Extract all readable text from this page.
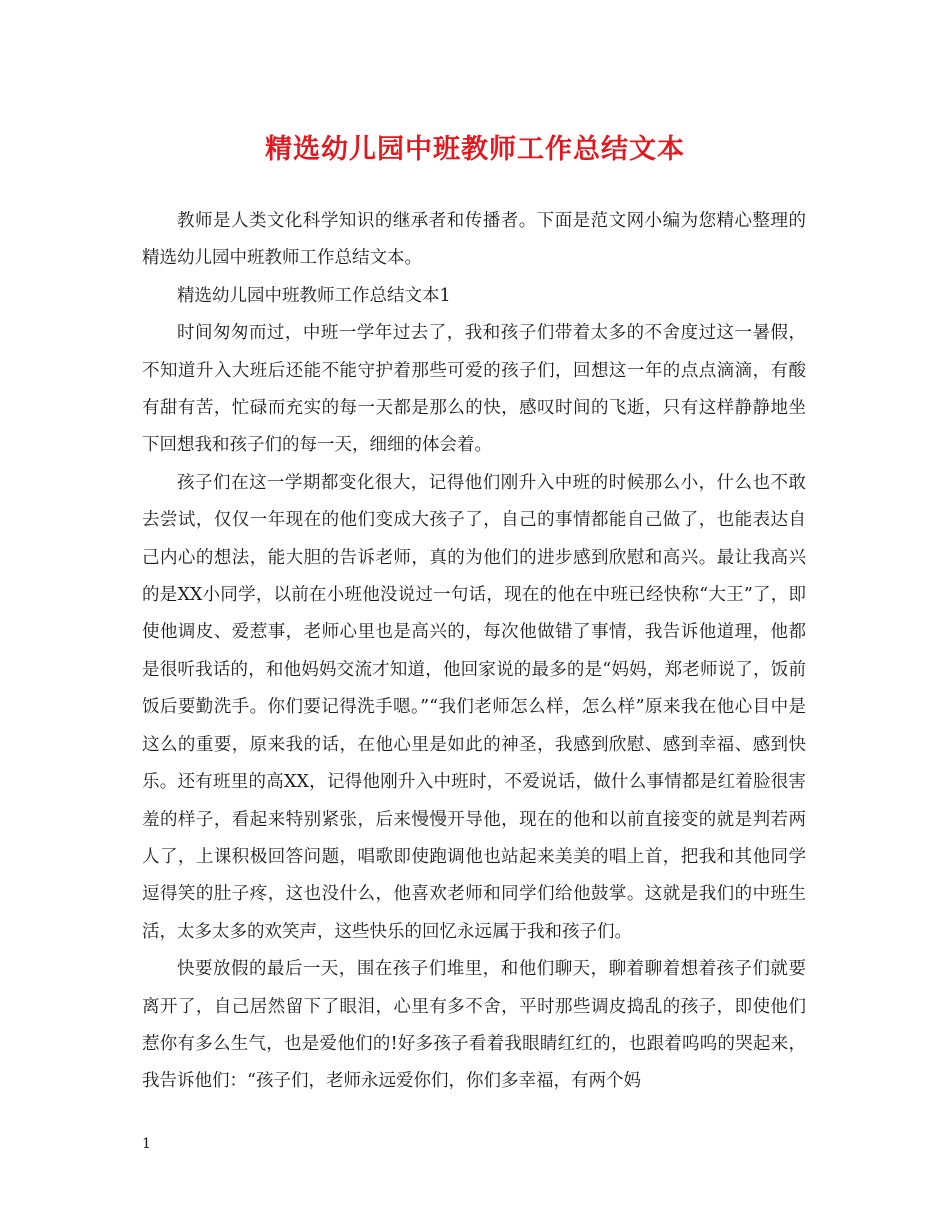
精选幼儿园中班教师工作总结文本

教师是人类文化科学知识的继承者和传播者。下面是范文网小编为您精心整理的精选幼儿园中班教师工作总结文本。

精选幼儿园中班教师工作总结文本1

时间匆匆而过，中班一学年过去了，我和孩子们带着太多的不舍度过这一暑假，不知道升入大班后还能不能守护着那些可爱的孩子们，回想这一年的点点滴滴，有酸有甜有苦，忙碌而充实的每一天都是那么的快，感叹时间的飞逝，只有这样静静地坐下回想我和孩子们的每一天，细细的体会着。

孩子们在这一学期都变化很大，记得他们刚升入中班的时候那么小，什么也不敢去尝试，仅仅一年现在的他们变成大孩子了，自己的事情都能自己做了，也能表达自己内心的想法，能大胆的告诉老师，真的为他们的进步感到欣慰和高兴。最让我高兴的是XX小同学，以前在小班他没说过一句话，现在的他在中班已经快称“大王”了，即使他调皮、爱惹事，老师心里也是高兴的，每次他做错了事情，我告诉他道理，他都是很听我话的，和他妈妈交流才知道，他回家说的最多的是“妈妈，郑老师说了，饭前饭后要勤洗手。你们要记得洗手嗯。”“我们老师怎么样，怎么样”原来我在他心目中是这么的重要，原来我的话，在他心里是如此的神圣，我感到欣慰、感到幸福、感到快乐。还有班里的高XX，记得他刚升入中班时，不爱说话，做什么事情都是红着脸很害羞的样子，看起来特别紧张，后来慢慢开导他，现在的他和以前直接变的就是判若两人了，上课积极回答问题，唱歌即使跑调他也站起来美美的唱上首，把我和其他同学逗得笑的肚子疼，这也没什么，他喜欢老师和同学们给他鼓掌。这就是我们的中班生活，太多太多的欢笑声，这些快乐的回忆永远属于我和孩子们。

快要放假的最后一天，围在孩子们堆里，和他们聊天，聊着聊着想着孩子们就要离开了，自己居然留下了眼泪，心里有多不舍，平时那些调皮捣乱的孩子，即使他们惹你有多么生气，也是爱他们的!好多孩子看着我眼睛红红的，也跟着呜呜的哭起来，我告诉他们：“孩子们，老师永远爱你们，你们多幸福，有两个妈

1
